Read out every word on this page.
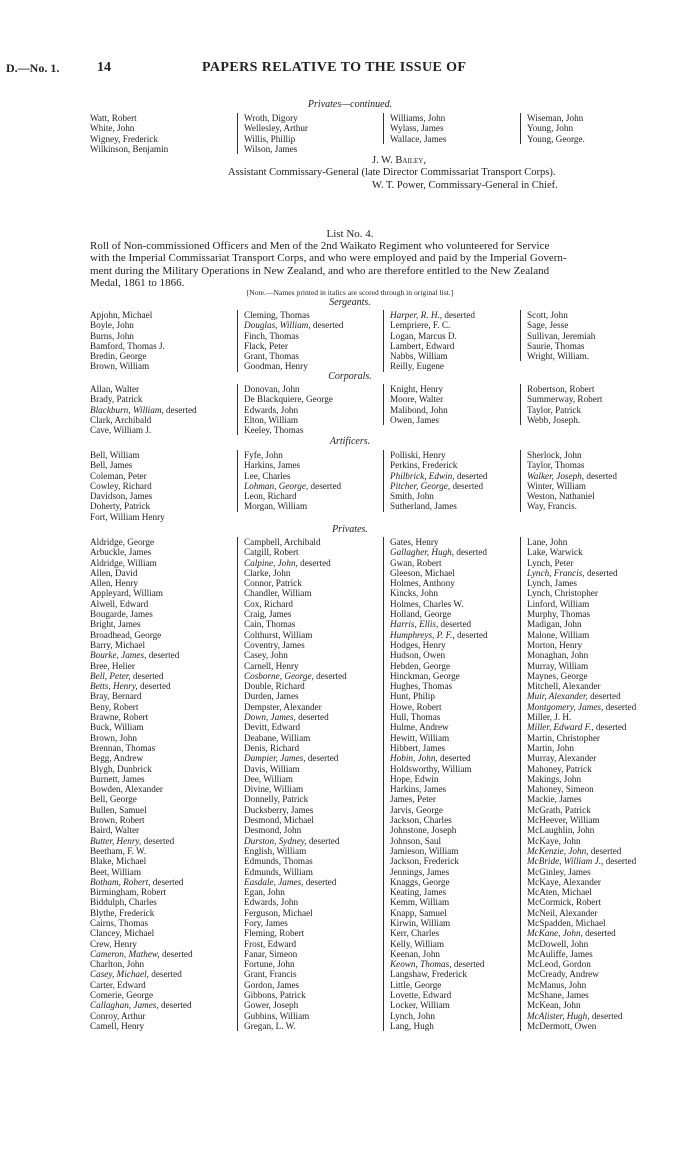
D.—No. 1.	14	PAPERS RELATIVE TO THE ISSUE OF
Privates—continued.
Watt, Robert
White, John
Wigney, Frederick
Wilkinson, Benjamin
Wroth, Digory
Wellesley, Arthur
Willis, Phillip
Wilson, James
Williams, John
Wylass, James
Wallace, James
Wiseman, John
Young, John
Young, George.
J. W. Bailey,
Assistant Commissary-General (late Director Commissariat Transport Corps).
W. T. Power, Commissary-General in Chief.
List No. 4.
Roll of Non-commissioned Officers and Men of the 2nd Waikato Regiment who volunteered for Service
with the Imperial Commissariat Transport Corps, and who were employed and paid by the Imperial Govern-
ment during the Military Operations in New Zealand, and who are therefore entitled to the New Zealand
Medal, 1861 to 1866.
[Note.—Names printed in italics are scored through in original list.]
Sergeants.
Apjohn, Michael
Boyle, John
Burns, John
Bamford, Thomas J.
Bredin, George
Brown, William
Cleming, Thomas
Douglas, William, deserted
Finch, Thomas
Flack, Peter
Grant, Thomas
Goodman, Henry
Harper, R. H., deserted
Lempriere, F. C.
Logan, Marcus D.
Lambert, Edward
Nabbs, William
Reilly, Eugene
Scott, John
Sage, Jesse
Sullivan, Jeremiah
Saurie, Thomas
Wright, William.
Corporals.
Allan, Walter
Brady, Patrick
Blackburn, William, deserted
Clark, Archibald
Cave, William J.
Donovan, John
De Blackquiere, George
Edwards, John
Elton, William
Keeley, Thomas
Knight, Henry
Moore, Walter
Malibond, John
Owen, James
Robertson, Robert
Summerway, Robert
Taylor, Patrick
Webb, Joseph.
Artificers.
Bell, William
Bell, James
Coleman, Peter
Cowley, Richard
Davidson, James
Doherty, Patrick
Fort, William Henry
Fyfe, John
Harkins, James
Lee, Charles
Lohman, George, deserted
Leon, Richard
Morgan, William
Polliski, Henry
Perkins, Frederick
Philbrick, Edwin, deserted
Pitcher, George, deserted
Smith, John
Sutherland, James
Sherlock, John
Taylor, Thomas
Walker, Joseph, deserted
Winter, William
Weston, Nathaniel
Way, Francis.
Privates.
Aldridge, George
Arbuckle, James
Aldridge, William
Allen, David
Allen, Henry
Appleyard, William
Alwell, Edward
Bougarde, James
Bright, James
Broadhead, George
Barry, Michael
Bourke, James, deserted
Bree, Helier
Bell, Peter, deserted
Betts, Henry, deserted
Bray, Bernard
Beny, Robert
Brawne, Robert
Buck, William
Brown, John
Brennan, Thomas
Begg, Andrew
Blygh, Dunbrick
Burnett, James
Bowden, Alexander
Bell, George
Bullen, Samuel
Brown, Robert
Baird, Walter
Butter, Henry, deserted
Beetham, F. W.
Blake, Michael
Beet, William
Botham, Robert, deserted
Birmingham, Robert
Biddulph, Charles
Blythe, Frederick
Cairns, Thomas
Clancey, Michael
Crew, Henry
Cameron, Mathew, deserted
Charlton, John
Casey, Michael, deserted
Carter, Edward
Comerie, George
Callaghan, James, deserted
Conroy, Arthur
Camell, Henry
Campbell, Archibald
Catgill, Robert
Calpine, John, deserted
Clarke, John
Connor, Patrick
Chandler, William
Cox, Richard
Craig, James
Cain, Thomas
Colthurst, William
Coventry, James
Casey, John
Carnell, Henry
Cosborne, George, deserted
Double, Richard
Durden, James
Dempster, Alexander
Down, James, deserted
Devitt, Edward
Deabane, William
Denis, Richard
Dampier, James, deserted
Davis, William
Dee, William
Divine, William
Donnelly, Patrick
Ducksberry, James
Desmond, Michael
Desmond, John
Durston, Sydney, deserted
English, William
Edmunds, Thomas
Edmunds, William
Easdale, James, deserted
Egan, John
Edwards, John
Ferguson, Michael
Fory, James
Fleming, Robert
Frost, Edward
Fanar, Simeon
Fortune, John
Grant, Francis
Gordon, James
Gibbons, Patrick
Gower, Joseph
Gubbins, William
Gregan, L. W.
Gates, Henry
Gallagher, Hugh, deserted
Gwan, Robert
Gleeson, Michael
Holmes, Anthony
Kincks, John
Holmes, Charles W.
Holland, George
Harris, Ellis, deserted
Humphreys, P. F., deserted
Hodges, Henry
Hudson, Owen
Hebden, George
Hinckman, George
Hughes, Thomas
Hunt, Philip
Howe, Robert
Hull, Thomas
Hulme, Andrew
Hewitt, William
Hibbert, James
Hobin, John, deserted
Holdsworthy, William
Hope, Edwin
Harkins, James
James, Peter
Jarvis, George
Jackson, Charles
Johnstone, Joseph
Johnson, Saul
Jamieson, William
Jackson, Frederick
Jennings, James
Knaggs, George
Keating, James
Kemm, William
Knapp, Samuel
Kirwin, William
Kerr, Charles
Kelly, William
Keenan, John
Keown, Thomas, deserted
Langshaw, Frederick
Little, George
Lovette, Edward
Locker, William
Lynch, John
Lang, Hugh
Lane, John
Lake, Warwick
Lynch, Peter
Lynch, Francis, deserted
Lynch, James
Lynch, Christopher
Linford, William
Murphy, Thomas
Madigan, John
Malone, William
Morton, Henry
Monaghan, John
Murray, William
Maynes, George
Mitchell, Alexander
Muir, Alexander, deserted
Montgomery, James, deserted
Miller, J. H.
Miller, Edward F., deserted
Martin, Christopher
Martin, John
Murray, Alexander
Mahoney, Patrick
Makings, John
Mahoney, Simeon
Mackie, James
McGrath, Patrick
McHeever, William
McLaughlin, John
McKaye, John
McKenzie, John, deserted
McBride, William J., deserted
McGinley, James
McKaye, Alexander
McAten, Michael
McCormick, Robert
McNeil, Alexander
McSpadden, Michael
McKane, John, deserted
McDowell, John
McAuliffe, James
McLeod, Gordon
McCready, Andrew
McManus, John
McShane, James
McKean, John
McAlister, Hugh, deserted
McDermott, Owen
